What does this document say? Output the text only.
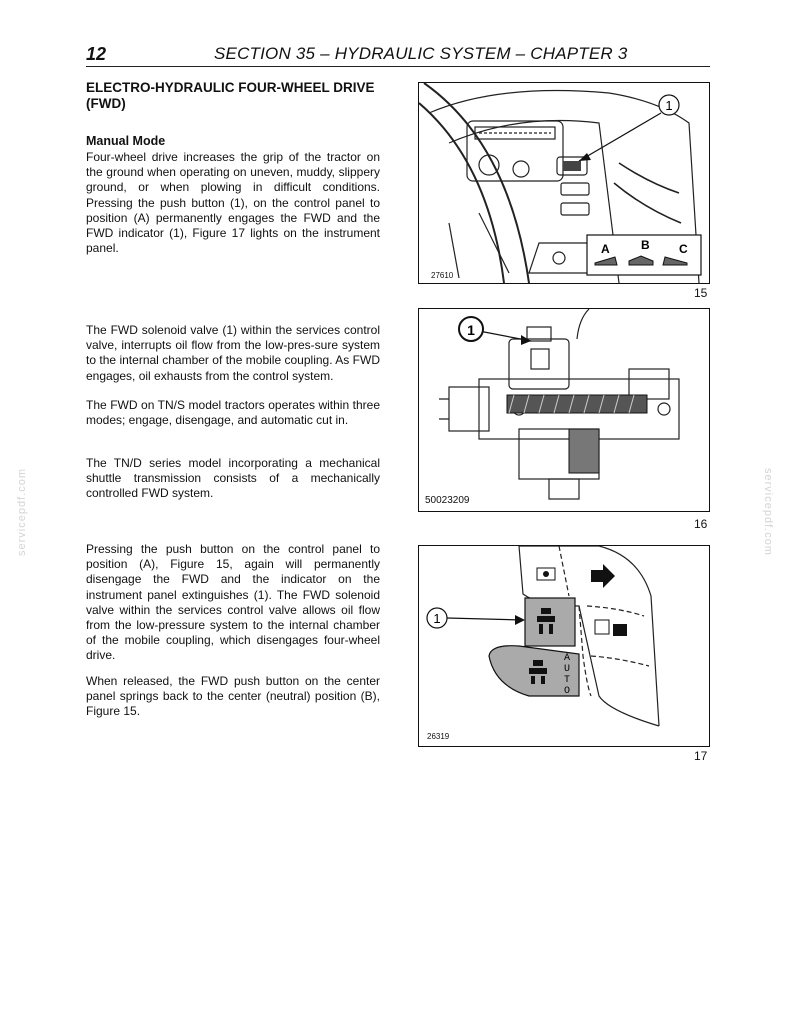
12	SECTION 35 – HYDRAULIC SYSTEM – CHAPTER 3
ELECTRO-HYDRAULIC FOUR-WHEEL DRIVE (FWD)
Manual Mode
Four-wheel drive increases the grip of the tractor on the ground when operating on uneven, muddy, slippery ground, or when plowing in difficult conditions. Pressing the push button (1), on the control panel to position (A) permanently engages the FWD and the FWD indicator (1), Figure 17 lights on the instrument panel.
The FWD solenoid valve (1) within the services control valve, interrupts oil flow from the low-pres-sure system to the internal chamber of the mobile coupling. As FWD engages, oil exhausts from the control system.
The FWD on TN/S model tractors operates within three modes; engage, disengage, and automatic cut in.
The TN/D series model incorporating a mechanical shuttle transmission consists of a mechanically controlled FWD system.
Pressing the push button on the control panel to position (A), Figure 15, again will permanently disengage the FWD and the indicator on the instrument panel extinguishes (1). The FWD solenoid valve within the services control valve allows oil flow from the low-pressure system to the internal chamber of the mobile coupling, which disengages four-wheel drive.
When released, the FWD push button on the center panel springs back to the center (neutral) position (B), Figure 15.
1
A	B C
27610
15
1
50023209
16
A
U
T
O
1
26319
17
servicepdf.com	servicepdf.com
